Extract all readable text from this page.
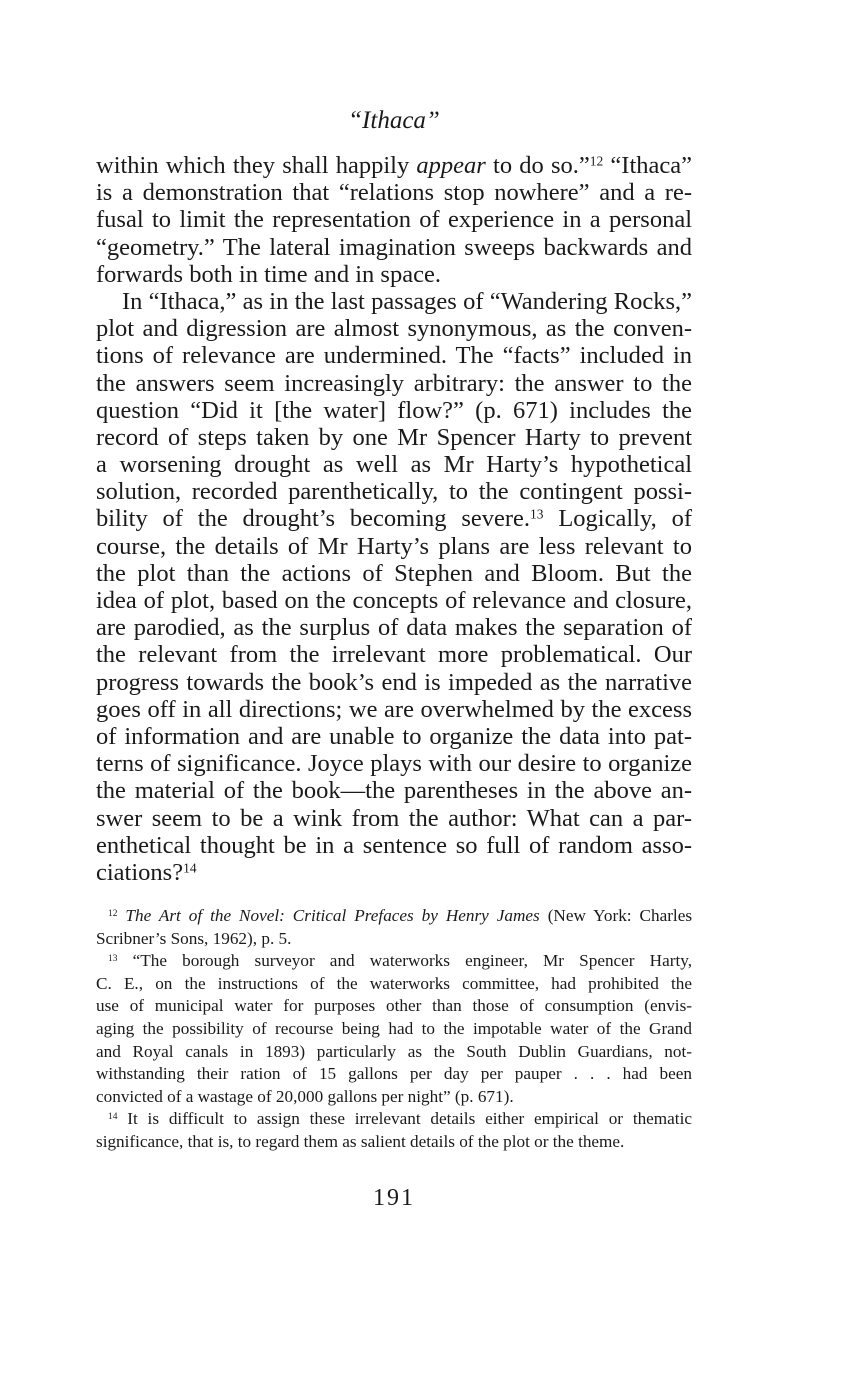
“Ithaca”
within which they shall happily appear to do so.”$^{12}$ “Ithaca”
is a demonstration that “relations stop nowhere” and a re-
fusal to limit the representation of experience in a personal
“geometry.” The lateral imagination sweeps backwards and
forwards both in time and in space.
In “Ithaca,” as in the last passages of “Wandering Rocks,”
plot and digression are almost synonymous, as the conven-
tions of relevance are undermined. The “facts” included in
the answers seem increasingly arbitrary: the answer to the
question “Did it [the water] flow?” (p. 671) includes the
record of steps taken by one Mr Spencer Harty to prevent
a worsening drought as well as Mr Harty’s hypothetical
solution, recorded parenthetically, to the contingent possi-
bility of the drought’s becoming severe.$^{13}$ Logically, of
course, the details of Mr Harty’s plans are less relevant to
the plot than the actions of Stephen and Bloom. But the
idea of plot, based on the concepts of relevance and closure,
are parodied, as the surplus of data makes the separation of
the relevant from the irrelevant more problematical. Our
progress towards the book’s end is impeded as the narrative
goes off in all directions; we are overwhelmed by the excess
of information and are unable to organize the data into pat-
terns of significance. Joyce plays with our desire to organize
the material of the book—the parentheses in the above an-
swer seem to be a wink from the author: What can a par-
enthetical thought be in a sentence so full of random asso-
ciations?$^{14}$
$^{12}$ The Art of the Novel: Critical Prefaces by Henry James (New York: Charles
Scribner’s Sons, 1962), p. 5.
$^{13}$ “The borough surveyor and waterworks engineer, Mr Spencer Harty,
C. E., on the instructions of the waterworks committee, had prohibited the
use of municipal water for purposes other than those of consumption (envis-
aging the possibility of recourse being had to the impotable water of the Grand
and Royal canals in 1893) particularly as the South Dublin Guardians, not-
withstanding their ration of 15 gallons per day per pauper . . . had been
convicted of a wastage of 20,000 gallons per night” (p. 671).
$^{14}$ It is difficult to assign these irrelevant details either empirical or thematic
significance, that is, to regard them as salient details of the plot or the theme.
191
